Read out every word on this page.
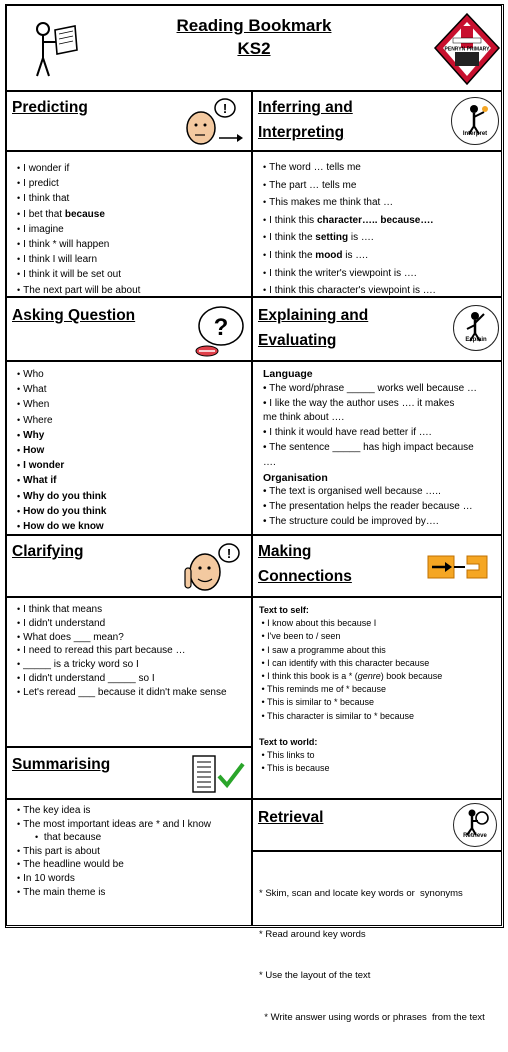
Reading Bookmark
KS2	PENRYN PRIMARY
Predicting	! Inferring and
Interpreting	Interpret
• I wonder if
• I predict
• I think that
• I bet that because
• I imagine
• I think * will happen
• I think I will learn
• I think it will be set out
• The next part will be about
• The word … tells me
• The part … tells me
• This makes me think that …
• I think this character….. because….
• I think the setting is ….
• I think the mood is ….
• I think the writer's viewpoint is ….
• I think this character's viewpoint is ….
Asking Question	? Explaining and
Evaluating	Explain
• Who
• What
• When
• Where
• Why
• How
• I wonder
• What if
• Why do you think
• How do you think
• How do we know
Language
• The word/phrase _____ works well because …
• I like the way the author uses …. it makes
me think about ….
• I think it would have read better if ….
• The sentence _____ has high impact because
….
Organisation
• The text is organised well because …..
• The presentation helps the reader because …
• The structure could be improved by….
Clarifying	! Making
Connections
• I think that means
• I didn't understand
• What does ___ mean?
• I need to reread this part because …
• _____ is a tricky word so I
• I didn't understand _____ so I
• Let's reread ___ because it didn't make sense
Text to self:
• I know about this because I
• I've been to / seen
• I saw a programme about this
• I can identify with this character because
• I think this book is a * (genre) book because
• This reminds me of * because
• This is similar to * because
• This character is similar to * because
Text to world:
• This links to
• This is because
Summarising
• The key idea is
• The most important ideas are * and I know
• that because
• This part is about
• The headline would be
• In 10 words
• The main theme is
Retrieval
Retrieve

* Skim, scan and locate key words or  synonyms

* Read around key words

* Use the layout of the text

* Write answer using words or phrases  from the text
